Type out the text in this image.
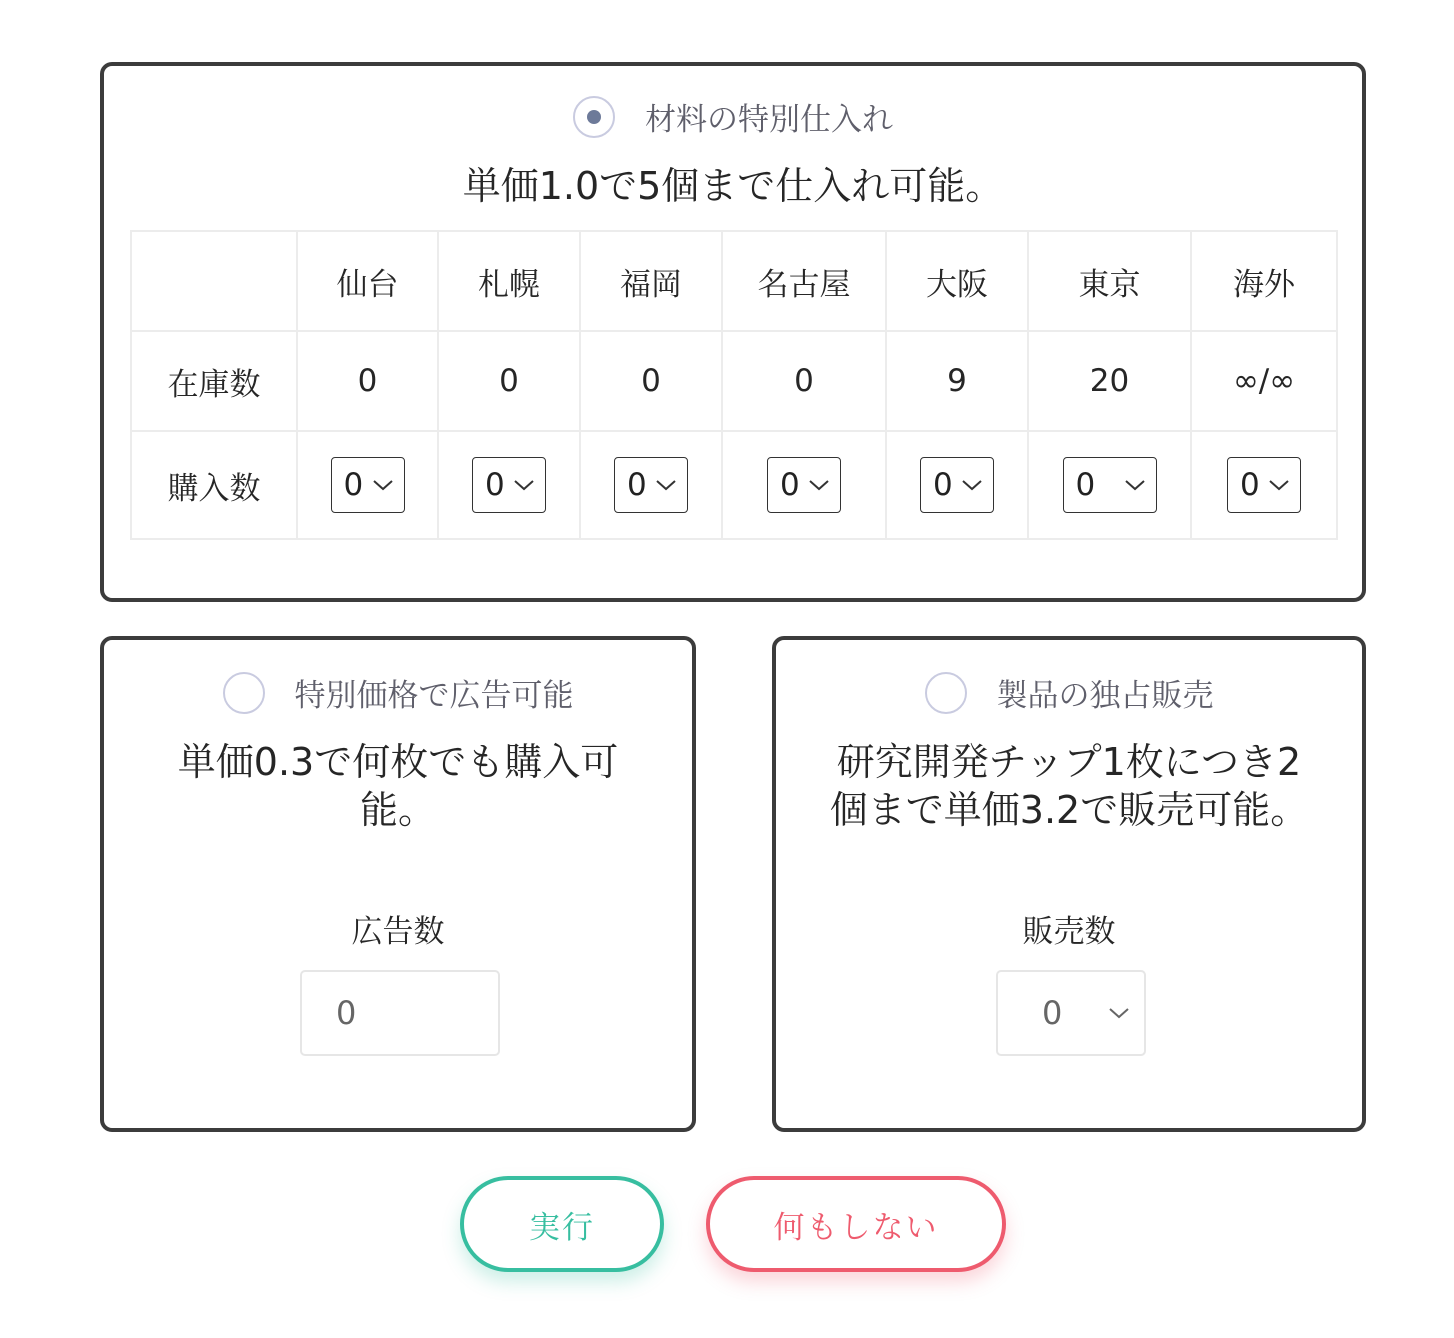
材料の特別仕入れ
単価1.0で5個まで仕入れ可能。
	仙台	札幌	福岡	名古屋	大阪	東京	海外
在庫数	0	0	0	0	9	20	∞/∞
購入数	0	0	0	0	0	0	0
特別価格で広告可能
単価0.3で何枚でも購入可
能。
広告数
0
製品の独占販売
研究開発チップ1枚につき2
個まで単価3.2で販売可能。
販売数
0
実行	何もしない
